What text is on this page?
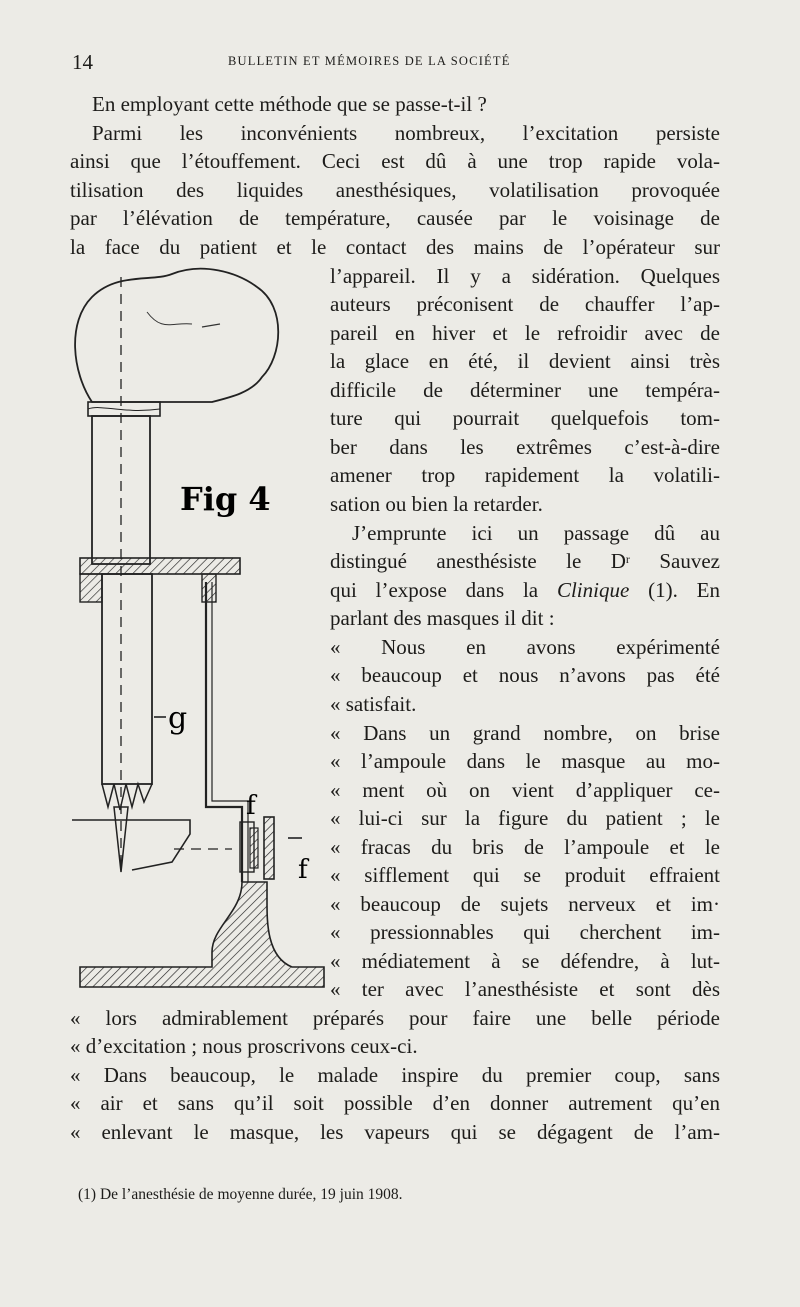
14	BULLETIN ET MÉMOIRES DE LA SOCIÉTÉ
En employant cette méthode que se passe-t-il ?
Parmi les inconvénients nombreux, l’excitation persiste
ainsi que l’étouffement. Ceci est dû à une trop rapide vola-
tilisation des liquides anesthésiques, volatilisation provoquée
par l’élévation de température, causée par le voisinage de
la face du patient et le contact des mains de l’opérateur sur
l’appareil. Il y a sidération. Quelques
auteurs préconisent de chauffer l’ap-
pareil en hiver et le refroidir avec de
la glace en été, il devient ainsi très
difficile de déterminer une tempéra-
ture qui pourrait quelquefois tom-
ber dans les extrêmes c’est-à-dire
amener trop rapidement la volatili-
sation ou bien la retarder.
J’emprunte ici un passage dû au
distingué anesthésiste le $D^r$ Sauvez
qui l’expose dans la Clinique (1). En
parlant des masques il dit :
« Nous en avons expérimenté
« beaucoup et nous n’avons pas été
« satisfait.
« Dans un grand nombre, on brise
« l’ampoule dans le masque au mo-
« ment où on vient d’appliquer ce-
« lui-ci sur la figure du patient ; le
« fracas du bris de l’ampoule et le
« sifflement qui se produit effraient
« beaucoup de sujets nerveux et im·
« pressionnables qui cherchent im-
« médiatement à se défendre, à lut-
« ter avec l’anesthésiste et sont dès
« lors admirablement préparés pour faire une belle période
« d’excitation ; nous proscrivons ceux-ci.
« Dans beaucoup, le malade inspire du premier coup, sans
« air et sans qu’il soit possible d’en donner autrement qu’en
« enlevant le masque, les vapeurs qui se dégagent de l’am-
(1) De l’anesthésie de moyenne durée, 19 juin 1908.
g
f
f
Fig 4
